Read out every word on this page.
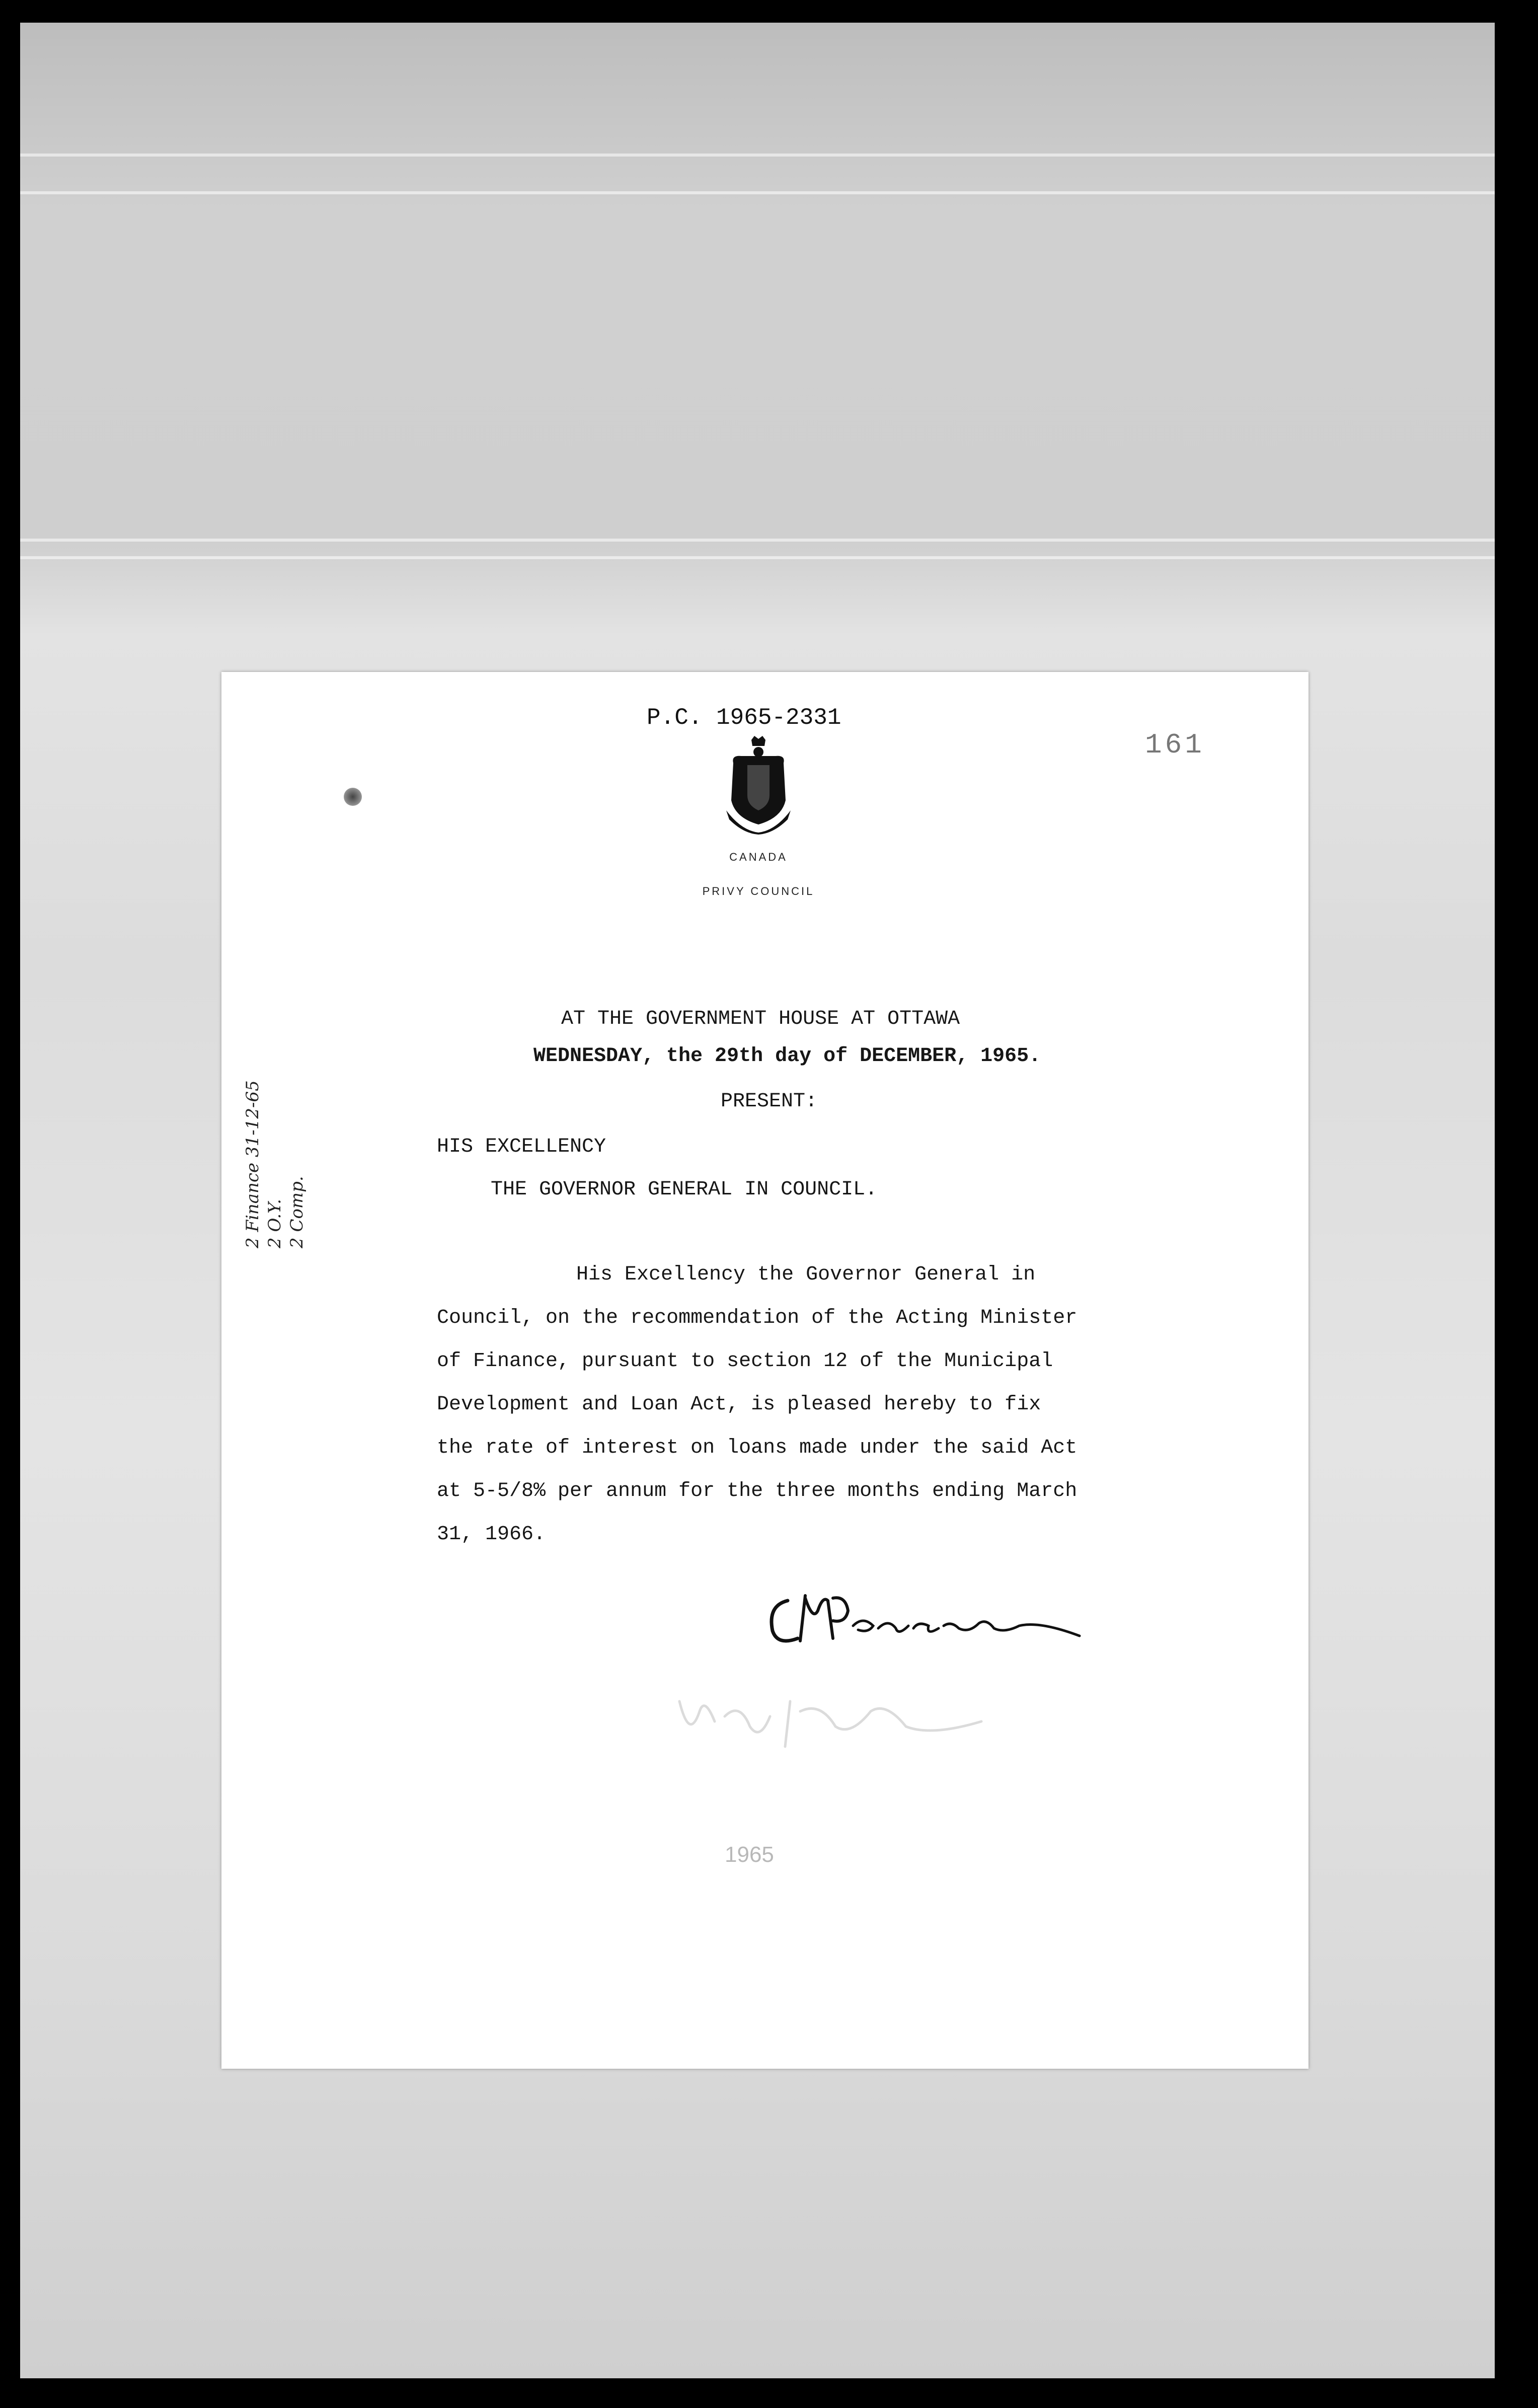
P.C. 1965-2331
161
CANADA
PRIVY COUNCIL
AT THE GOVERNMENT HOUSE AT OTTAWA
WEDNESDAY, the 29th day of DECEMBER, 1965.
PRESENT:
HIS EXCELLENCY
THE GOVERNOR GENERAL IN COUNCIL.
His Excellency the Governor General in
Council, on the recommendation of the Acting Minister
of Finance, pursuant to section 12 of the Municipal
Development and Loan Act, is pleased hereby to fix
the rate of interest on loans made under the said Act
at 5-5/8% per annum for the three months ending March
31, 1966.
2 Finance 31-12-65 2 O.Y. 2 Comp.
1965
